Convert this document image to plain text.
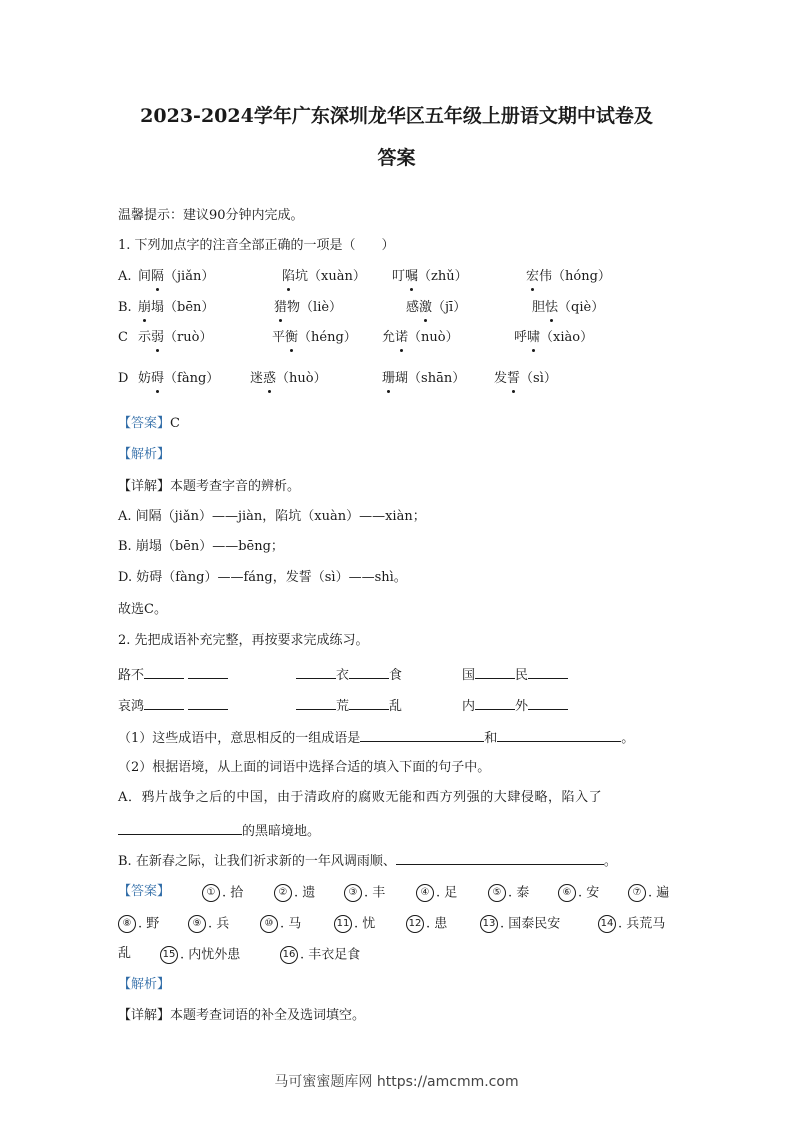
2023-2024学年广东深圳龙华区五年级上册语文期中试卷及
答案
温馨提示：建议90分钟内完成。
1. 下列加点字的注音全部正确的一项是（　　）
A. 间隔（jiǎn）	陷坑（xuàn） 叮嘱（zhǔ）	宏伟（hóng）
B. 崩塌（bēn）	猎物（liè）	感激（jī）	胆怯（qiè）
C 示弱（ruò）	平衡（héng） 允诺（nuò）	呼啸（xiào）
D 妨碍（fàng） 迷惑（huò）	珊瑚（shān） 发誓（sì）
【答案】C
【解析】
【详解】本题考查字音的辨析。
A. 间隔（jiǎn）——jiàn，陷坑（xuàn）——xiàn；
B. 崩塌（bēn）——bēng；
D. 妨碍（fàng）——fáng，发誓（sì）——shì。
故选C。
2. 先把成语补充完整，再按要求完成练习。
路不	衣	食	国	民
哀鸿	荒	乱	内	外
（1）这些成语中，意思相反的一组成语是	和	。
（2）根据语境，从上面的词语中选择合适的填入下面的句子中。
A．鸦片战争之后的中国，由于清政府的腐败无能和西方列强的大肆侵略，陷入了
的黑暗境地。
B. 在新春之际，让我们祈求新的一年风调雨顺、	。
【答案】	① . 拾	② . 遗	③ . 丰	④ . 足	⑤ . 泰	⑥ . 安	⑦ . 遍
⑧ . 野	⑨ . 兵	⑩ . 马	11 . 忧	12 . 患	13 . 国泰民安	14 . 兵荒马
乱	15 . 内忧外患	16 . 丰衣足食
【解析】
【详解】本题考查词语的补全及选词填空。
马可蜜蜜题库网 https://amcmm.com
